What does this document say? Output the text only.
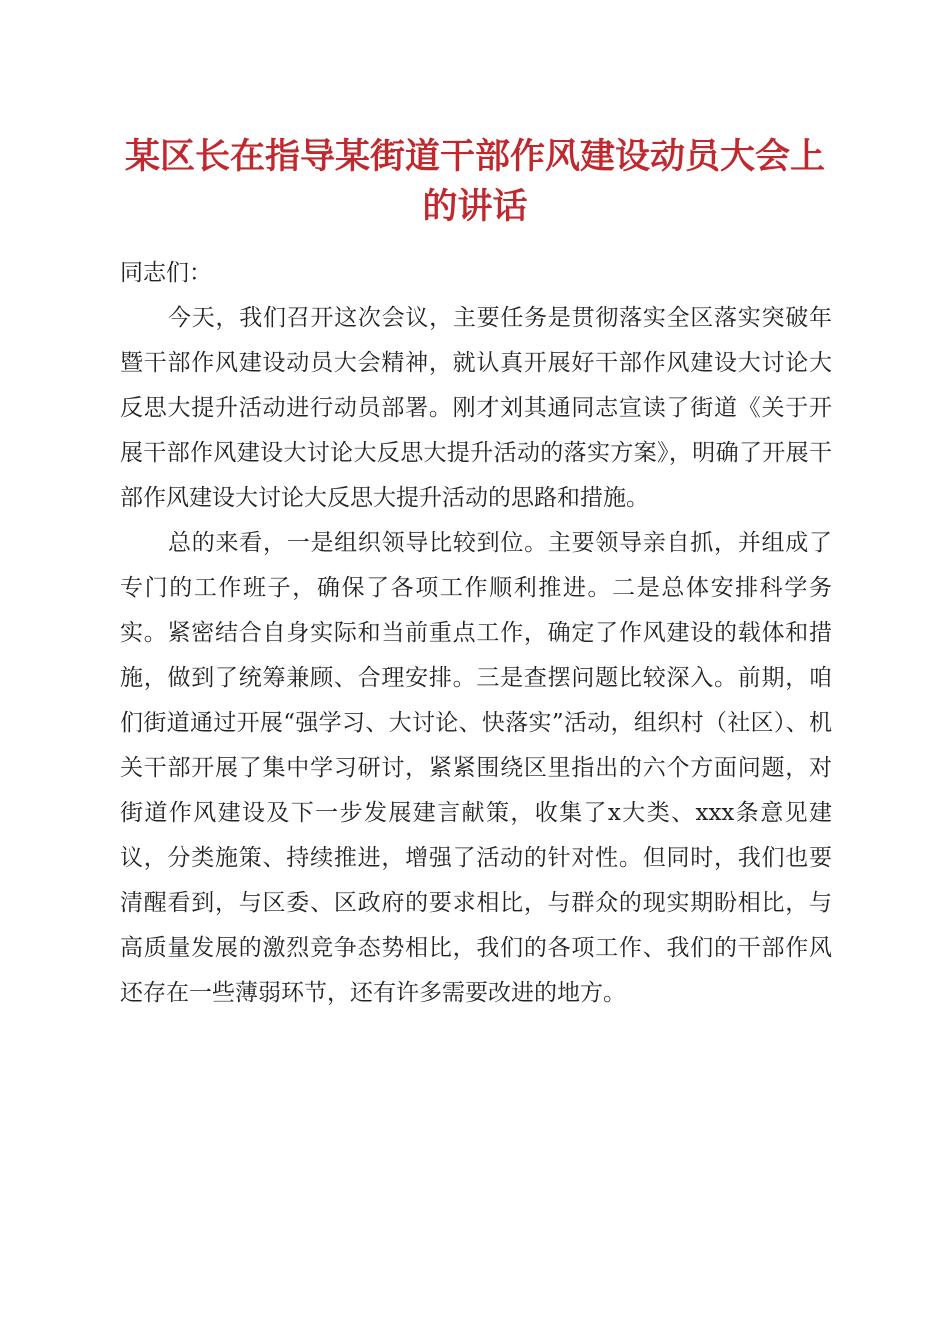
某区长在指导某街道干部作风建设动员大会上的讲话

同志们：

今天，我们召开这次会议，主要任务是贯彻落实全区落实突破年暨干部作风建设动员大会精神，就认真开展好干部作风建设大讨论大反思大提升活动进行动员部署。刚才刘其通同志宣读了街道《关于开展干部作风建设大讨论大反思大提升活动的落实方案》，明确了开展干部作风建设大讨论大反思大提升活动的思路和措施。

总的来看，一是组织领导比较到位。主要领导亲自抓，并组成了专门的工作班子，确保了各项工作顺利推进。二是总体安排科学务实。紧密结合自身实际和当前重点工作，确定了作风建设的载体和措施，做到了统筹兼顾、合理安排。三是查摆问题比较深入。前期，咱们街道通过开展“强学习、大讨论、快落实”活动，组织村（社区）、机关干部开展了集中学习研讨，紧紧围绕区里指出的六个方面问题，对街道作风建设及下一步发展建言献策，收集了x大类、xxx条意见建议，分类施策、持续推进，增强了活动的针对性。但同时，我们也要清醒看到，与区委、区政府的要求相比，与群众的现实期盼相比，与高质量发展的激烈竞争态势相比，我们的各项工作、我们的干部作风还存在一些薄弱环节，还有许多需要改进的地方。
